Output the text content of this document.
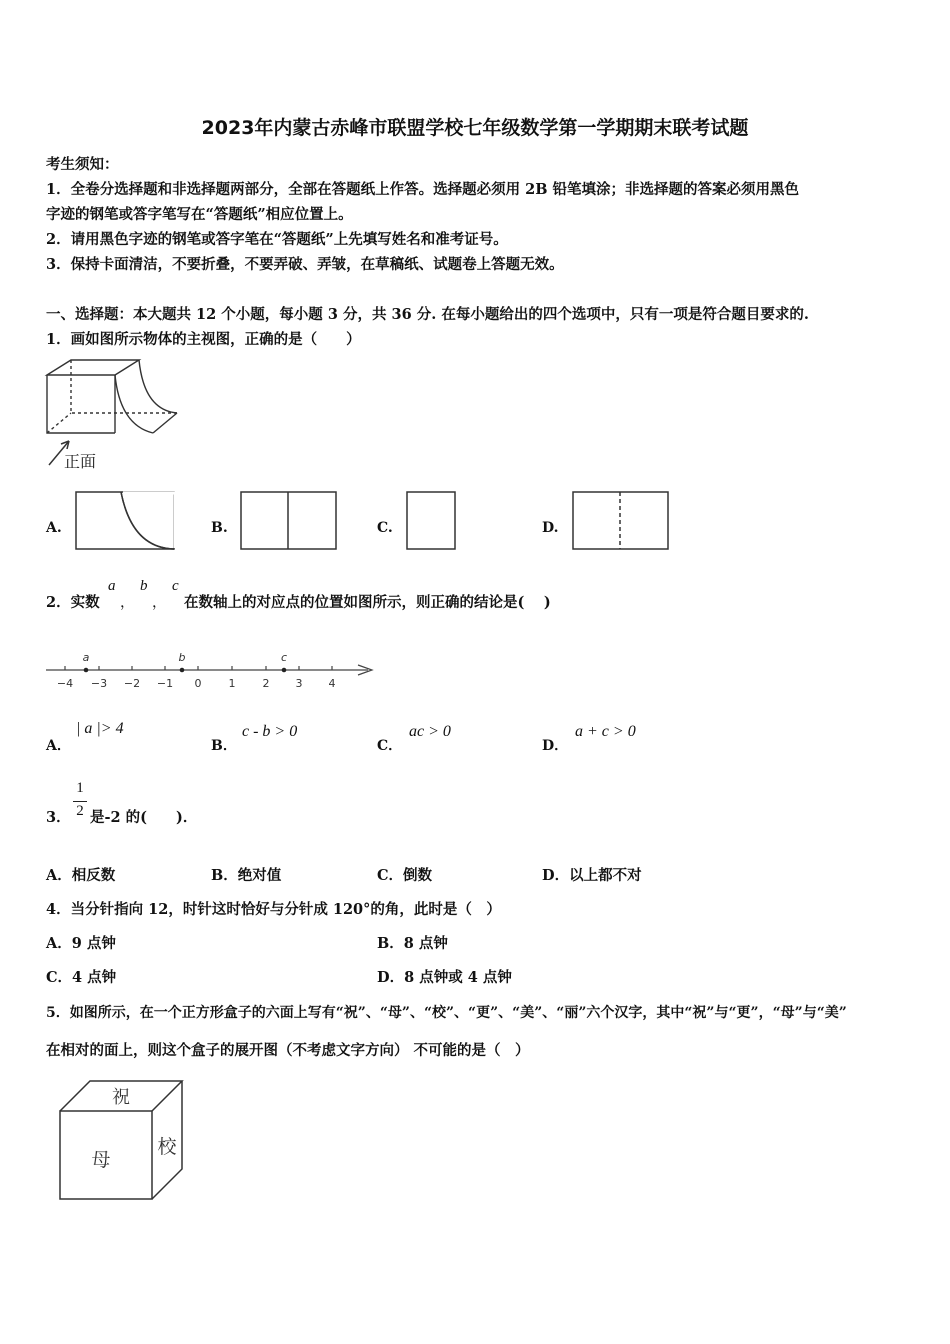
2023年内蒙古赤峰市联盟学校七年级数学第一学期期末联考试题
考生须知：
1．全卷分选择题和非选择题两部分，全部在答题纸上作答。选择题必须用 2B 铅笔填涂；非选择题的答案必须用黑色
字迹的钢笔或答字笔写在“答题纸”相应位置上。
2．请用黑色字迹的钢笔或答字笔在“答题纸”上先填写姓名和准考证号。
3．保持卡面清洁，不要折叠，不要弄破、弄皱，在草稿纸、试题卷上答题无效。
一、选择题：本大题共 12 个小题，每小题 3 分，共 36 分. 在每小题给出的四个选项中，只有一项是符合题目要求的.
1．画如图所示物体的主视图，正确的是（　　）
正面
A.	B.	C.	D.
2．实数
a
，
b
，
c
在数轴上的对应点的位置如图所示，则正确的结论是(　 )
−4 −3 −2 −1 0 1 2 3 4
a	b	c
A．
| a |> 4
B．
c - b > 0
C．
ac > 0
D．
a + c > 0
3．
1
2 是-2 的(　　)．
A．相反数	B．绝对值	C．倒数	D．以上都不对
4．当分针指向 12，时针这时恰好与分针成 120°的角，此时是（　）
A．9 点钟	B．8 点钟
C．4 点钟	D．8 点钟或 4 点钟
5．如图所示，在一个正方形盒子的六面上写有“祝”、“母”、“校”、“更”、“美”、“丽”六个汉字，其中“祝”与“更”，“母”与“美”
在相对的面上，则这个盒子的展开图（不考虑文字方向） 不可能的是（　）
祝
母
校
